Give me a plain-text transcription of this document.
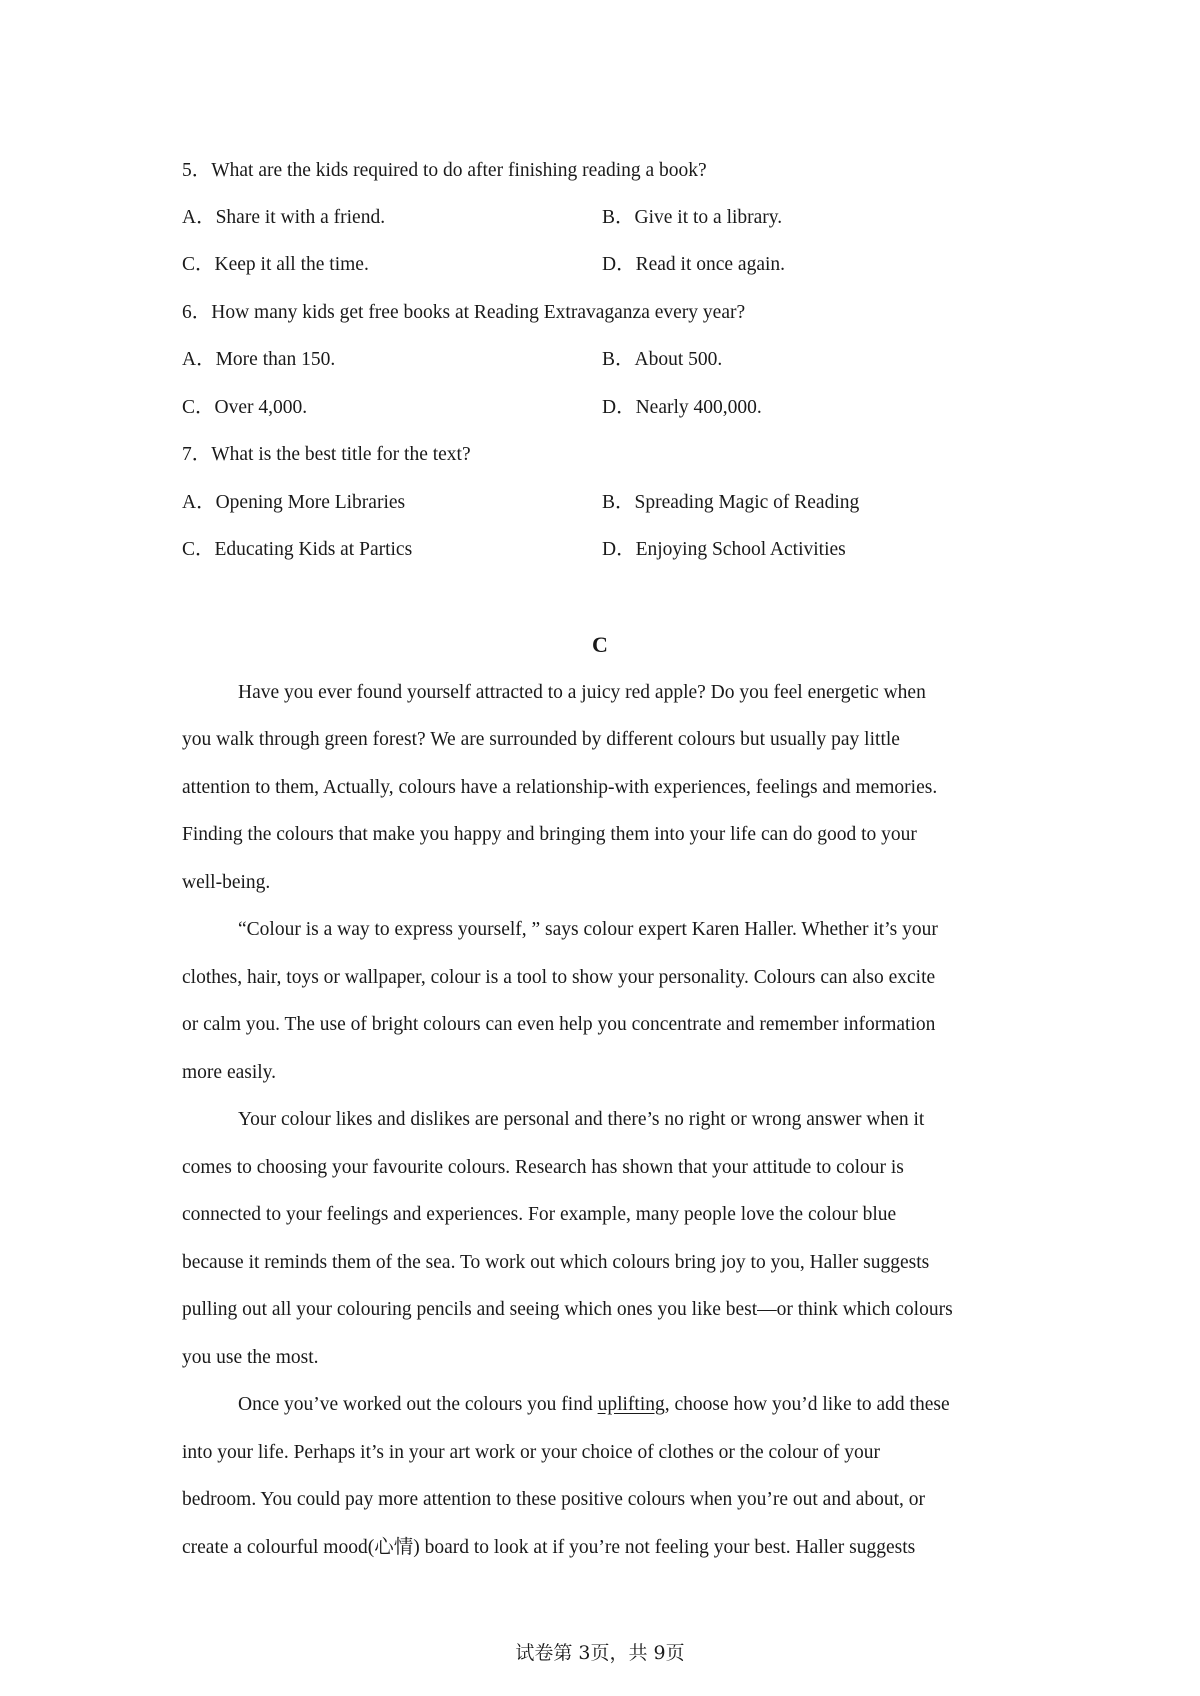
5．What are the kids required to do after finishing reading a book?
A．Share it with a friend.	B．Give it to a library.
C．Keep it all the time.	D．Read it once again.
6．How many kids get free books at Reading Extravaganza every year?
A．More than 150.	B．About 500.
C．Over 4,000.	D．Nearly 400,000.
7．What is the best title for the text?
A．Opening More Libraries	B．Spreading Magic of Reading
C．Educating Kids at Partics	D．Enjoying School Activities
C
Have you ever found yourself attracted to a juicy red apple? Do you feel energetic when
you walk through green forest? We are surrounded by different colours but usually pay little
attention to them, Actually, colours have a relationship-with experiences, feelings and memories.
Finding the colours that make you happy and bringing them into your life can do good to your
well-being.
“Colour is a way to express yourself, ” says colour expert Karen Haller. Whether it’s your
clothes, hair, toys or wallpaper, colour is a tool to show your personality. Colours can also excite
or calm you. The use of bright colours can even help you concentrate and remember information
more easily.
Your colour likes and dislikes are personal and there’s no right or wrong answer when it
comes to choosing your favourite colours. Research has shown that your attitude to colour is
connected to your feelings and experiences. For example, many people love the colour blue
because it reminds them of the sea. To work out which colours bring joy to you, Haller suggests
pulling out all your colouring pencils and seeing which ones you like best—or think which colours
you use the most.
Once you’ve worked out the colours you find uplifting, choose how you’d like to add these
into your life. Perhaps it’s in your art work or your choice of clothes or the colour of your
bedroom. You could pay more attention to these positive colours when you’re out and about, or
create a colourful mood(心情) board to look at if you’re not feeling your best. Haller suggests
试卷第 3页，共 9页
